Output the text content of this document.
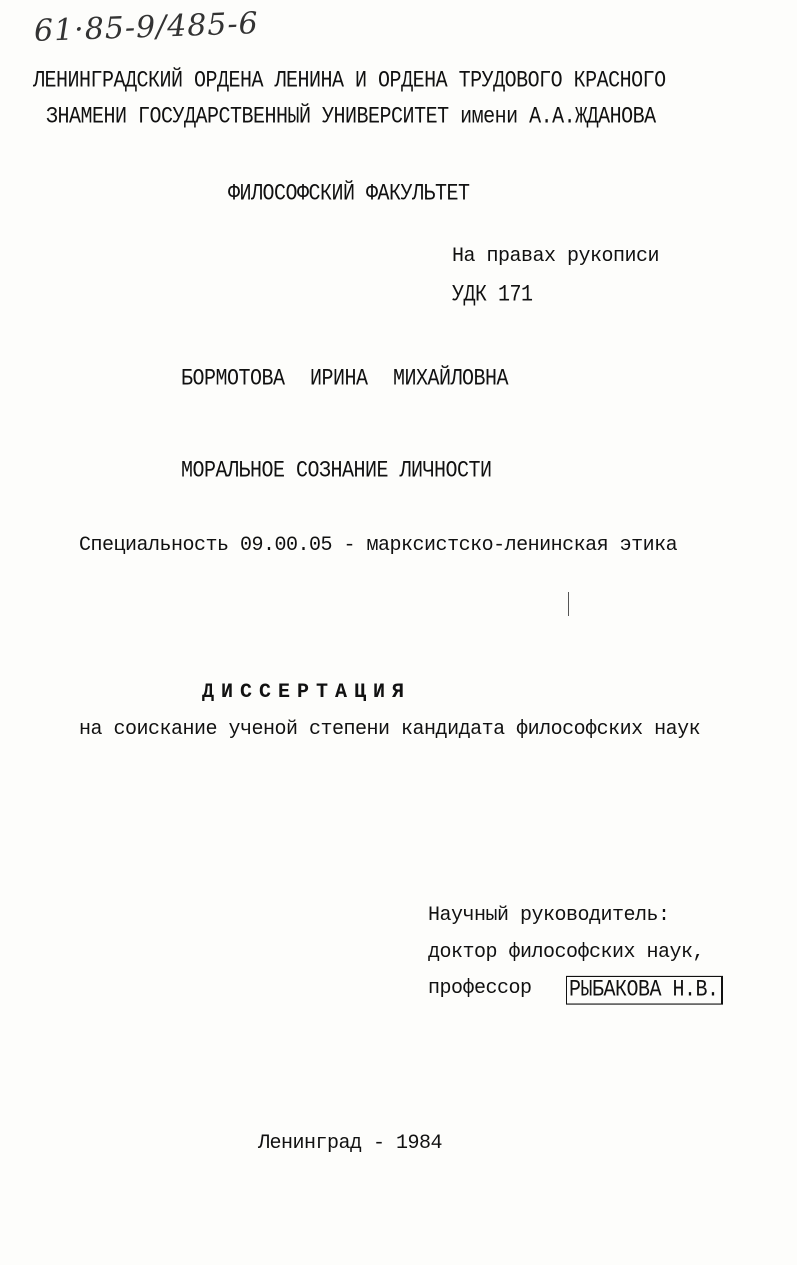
61·85-9/485-6
ЛЕНИНГРАДСКИЙ ОРДЕНА ЛЕНИНА И ОРДЕНА ТРУДОВОГО КРАСНОГО
ЗНАМЕНИ ГОСУДАРСТВЕННЫЙ УНИВЕРСИТЕТ имени А.А.ЖДАНОВА
ФИЛОСОФСКИЙ ФАКУЛЬТЕТ
На правах рукописи
УДК 171
БОРМОТОВА ИРИНА МИХАЙЛОВНА
МОРАЛЬНОЕ СОЗНАНИЕ ЛИЧНОСТИ
Специальность 09.00.05 - марксистско-ленинская этика
ДИССЕРТАЦИЯ
на соискание ученой степени кандидата философских наук
Научный руководитель:
доктор философских наук,
профессор РЫБАКОВА Н.В.
Ленинград - 1984
